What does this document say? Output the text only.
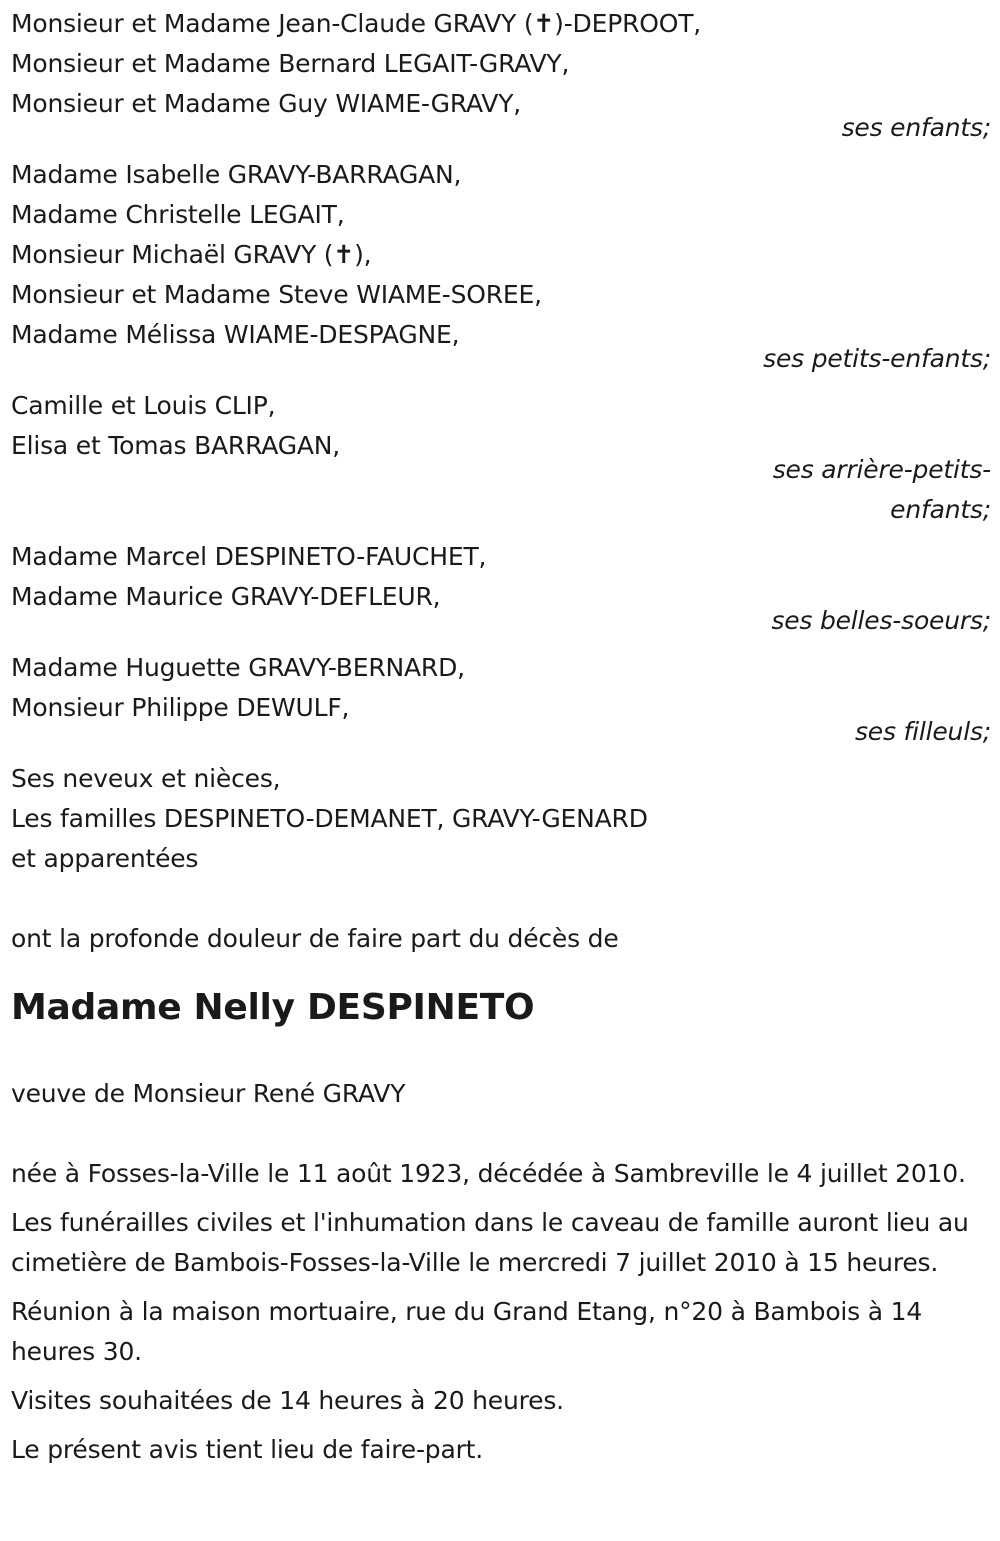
Monsieur et Madame Jean-Claude GRAVY (✝)-DEPROOT,
Monsieur et Madame Bernard LEGAIT-GRAVY,
Monsieur et Madame Guy WIAME-GRAVY,
ses enfants;
Madame Isabelle GRAVY-BARRAGAN,
Madame Christelle LEGAIT,
Monsieur Michaël GRAVY (✝),
Monsieur et Madame Steve WIAME-SOREE,
Madame Mélissa WIAME-DESPAGNE,
ses petits-enfants;
Camille et Louis CLIP,
Elisa et Tomas BARRAGAN,
ses arrière-petits-
enfants;
Madame Marcel DESPINETO-FAUCHET,
Madame Maurice GRAVY-DEFLEUR,
ses belles-soeurs;
Madame Huguette GRAVY-BERNARD,
Monsieur Philippe DEWULF,
ses filleuls;
Ses neveux et nièces,
Les familles DESPINETO-DEMANET, GRAVY-GENARD
et apparentées
ont la profonde douleur de faire part du décès de
Madame Nelly DESPINETO
veuve de Monsieur René GRAVY
née à Fosses-la-Ville le 11 août 1923, décédée à Sambreville le 4 juillet 2010.
Les funérailles civiles et l'inhumation dans le caveau de famille auront lieu au cimetière de Bambois-Fosses-la-Ville le mercredi 7 juillet 2010 à 15 heures.
Réunion à la maison mortuaire, rue du Grand Etang, n°20 à Bambois à 14 heures 30.
Visites souhaitées de 14 heures à 20 heures.
Le présent avis tient lieu de faire-part.
